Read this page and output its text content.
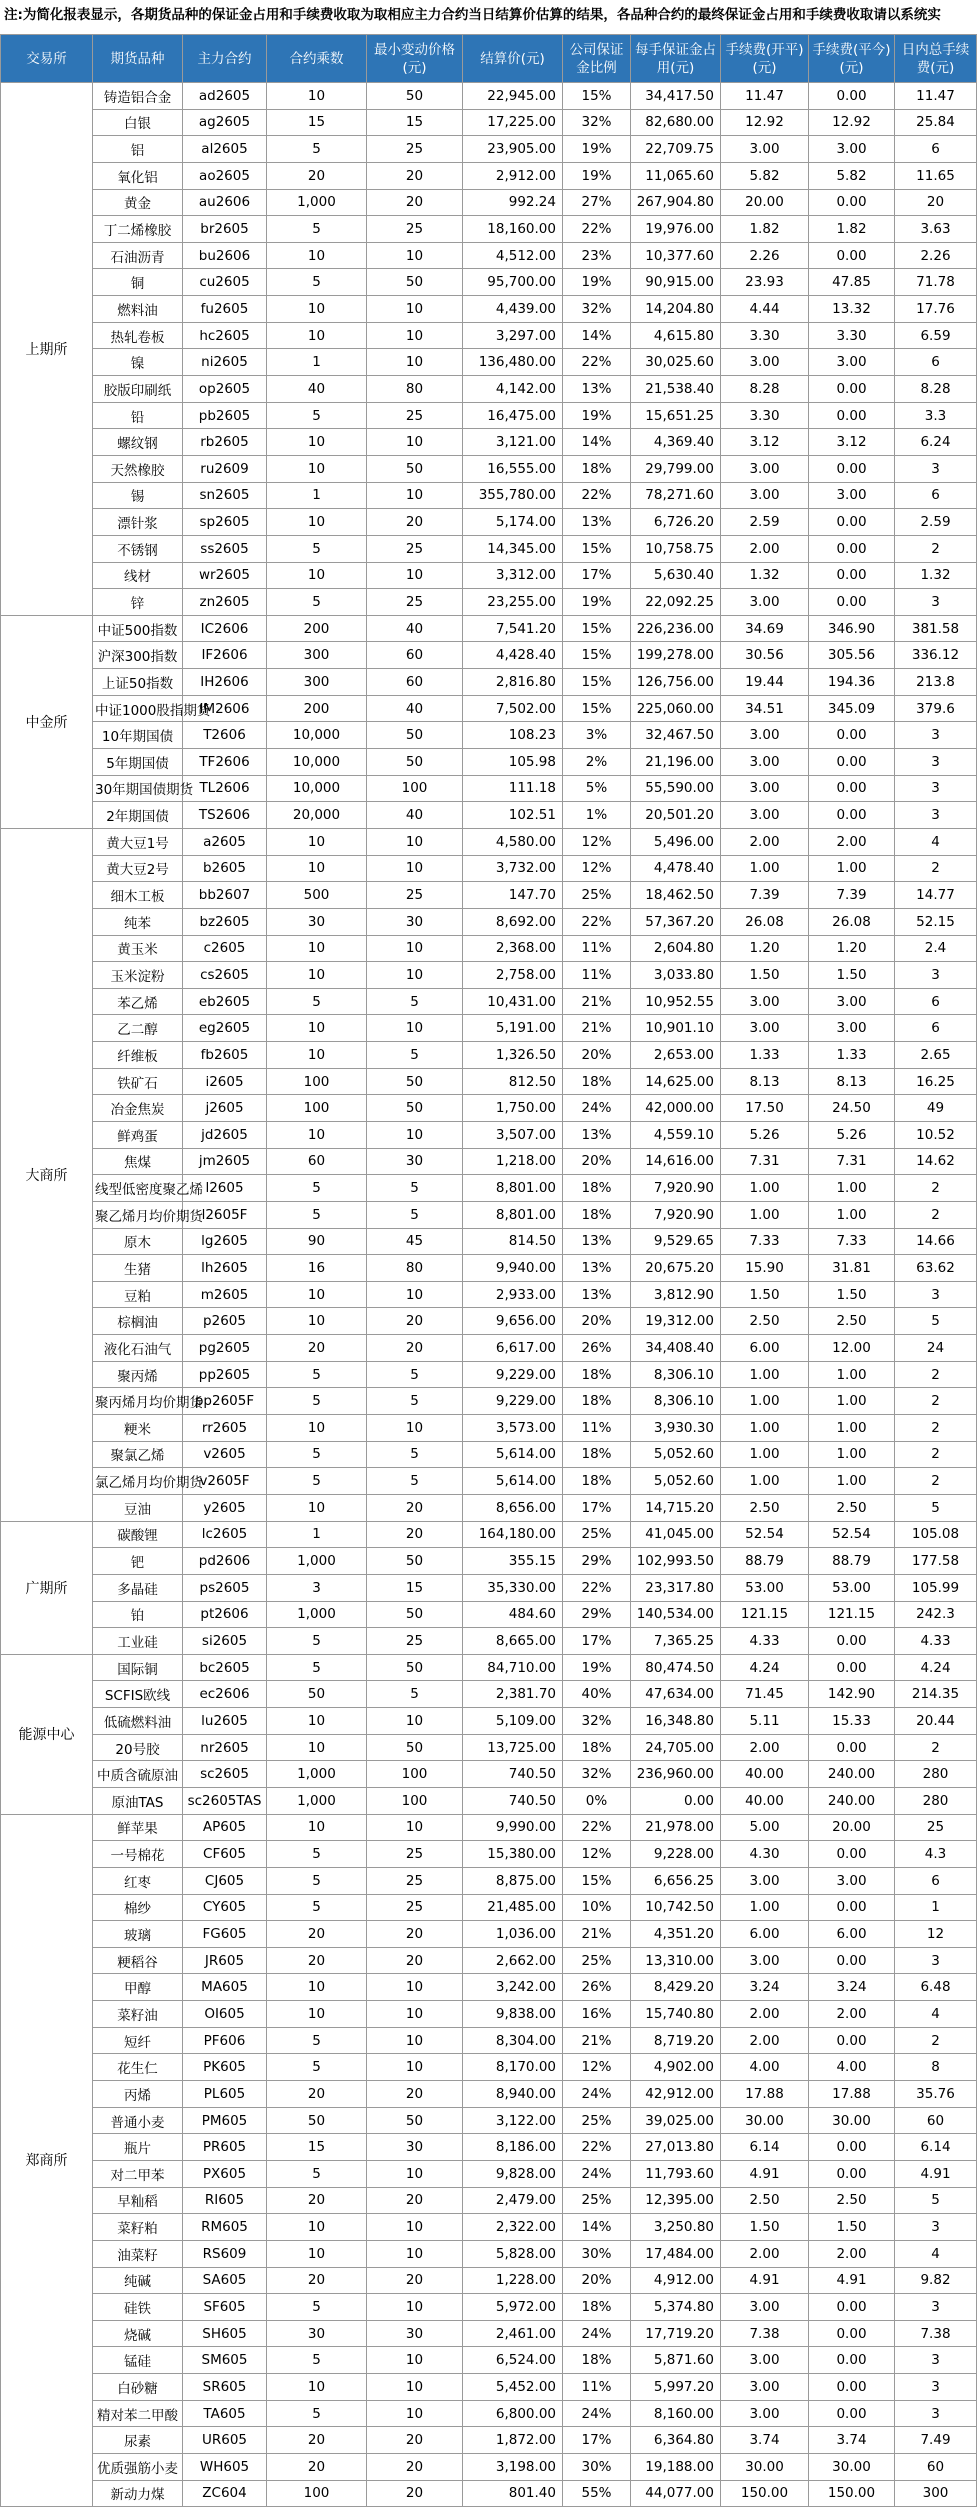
注:为简化报表显示，各期货品种的保证金占用和手续费收取为取相应主力合约当日结算价估算的结果，各品种合约的最终保证金占用和手续费收取请以系统实
交易所	期货品种	主力合约	合约乘数	最小变动价格(元)	结算价(元)	公司保证金比例	每手保证金占用(元)	手续费(开平)(元)	手续费(平今)(元)	日内总手续费(元)
上期所	铸造铝合金	ad2605	10	50	22,945.00	15%	34,417.50	11.47	0.00	11.47
	白银	ag2605	15	15	17,225.00	32%	82,680.00	12.92	12.92	25.84
	铝	al2605	5	25	23,905.00	19%	22,709.75	3.00	3.00	6
	氧化铝	ao2605	20	20	2,912.00	19%	11,065.60	5.82	5.82	11.65
	黄金	au2606	1,000	20	992.24	27%	267,904.80	20.00	0.00	20
	丁二烯橡胶	br2605	5	25	18,160.00	22%	19,976.00	1.82	1.82	3.63
	石油沥青	bu2606	10	10	4,512.00	23%	10,377.60	2.26	0.00	2.26
	铜	cu2605	5	50	95,700.00	19%	90,915.00	23.93	47.85	71.78
	燃料油	fu2605	10	10	4,439.00	32%	14,204.80	4.44	13.32	17.76
	热轧卷板	hc2605	10	10	3,297.00	14%	4,615.80	3.30	3.30	6.59
	镍	ni2605	1	10	136,480.00	22%	30,025.60	3.00	3.00	6
	胶版印刷纸	op2605	40	80	4,142.00	13%	21,538.40	8.28	0.00	8.28
	铅	pb2605	5	25	16,475.00	19%	15,651.25	3.30	0.00	3.3
	螺纹钢	rb2605	10	10	3,121.00	14%	4,369.40	3.12	3.12	6.24
	天然橡胶	ru2609	10	50	16,555.00	18%	29,799.00	3.00	0.00	3
	锡	sn2605	1	10	355,780.00	22%	78,271.60	3.00	3.00	6
	漂针浆	sp2605	10	20	5,174.00	13%	6,726.20	2.59	0.00	2.59
	不锈钢	ss2605	5	25	14,345.00	15%	10,758.75	2.00	0.00	2
	线材	wr2605	10	10	3,312.00	17%	5,630.40	1.32	0.00	1.32
	锌	zn2605	5	25	23,255.00	19%	22,092.25	3.00	0.00	3
中金所	中证500指数	IC2606	200	40	7,541.20	15%	226,236.00	34.69	346.90	381.58
	沪深300指数	IF2606	300	60	4,428.40	15%	199,278.00	30.56	305.56	336.12
	上证50指数	IH2606	300	60	2,816.80	15%	126,756.00	19.44	194.36	213.8
	中证1000股指期货	IM2606	200	40	7,502.00	15%	225,060.00	34.51	345.09	379.6
	10年期国债	T2606	10,000	50	108.23	3%	32,467.50	3.00	0.00	3
	5年期国债	TF2606	10,000	50	105.98	2%	21,196.00	3.00	0.00	3
	30年期国债期货	TL2606	10,000	100	111.18	5%	55,590.00	3.00	0.00	3
	2年期国债	TS2606	20,000	40	102.51	1%	20,501.20	3.00	0.00	3
大商所	黄大豆1号	a2605	10	10	4,580.00	12%	5,496.00	2.00	2.00	4
	黄大豆2号	b2605	10	10	3,732.00	12%	4,478.40	1.00	1.00	2
	细木工板	bb2607	500	25	147.70	25%	18,462.50	7.39	7.39	14.77
	纯苯	bz2605	30	30	8,692.00	22%	57,367.20	26.08	26.08	52.15
	黄玉米	c2605	10	10	2,368.00	11%	2,604.80	1.20	1.20	2.4
	玉米淀粉	cs2605	10	10	2,758.00	11%	3,033.80	1.50	1.50	3
	苯乙烯	eb2605	5	5	10,431.00	21%	10,952.55	3.00	3.00	6
	乙二醇	eg2605	10	10	5,191.00	21%	10,901.10	3.00	3.00	6
	纤维板	fb2605	10	5	1,326.50	20%	2,653.00	1.33	1.33	2.65
	铁矿石	i2605	100	50	812.50	18%	14,625.00	8.13	8.13	16.25
	冶金焦炭	j2605	100	50	1,750.00	24%	42,000.00	17.50	24.50	49
	鲜鸡蛋	jd2605	10	10	3,507.00	13%	4,559.10	5.26	5.26	10.52
	焦煤	jm2605	60	30	1,218.00	20%	14,616.00	7.31	7.31	14.62
	线型低密度聚乙烯	l2605	5	5	8,801.00	18%	7,920.90	1.00	1.00	2
	聚乙烯月均价期货	l2605F	5	5	8,801.00	18%	7,920.90	1.00	1.00	2
	原木	lg2605	90	45	814.50	13%	9,529.65	7.33	7.33	14.66
	生猪	lh2605	16	80	9,940.00	13%	20,675.20	15.90	31.81	63.62
	豆粕	m2605	10	10	2,933.00	13%	3,812.90	1.50	1.50	3
	棕榈油	p2605	10	20	9,656.00	20%	19,312.00	2.50	2.50	5
	液化石油气	pg2605	20	20	6,617.00	26%	34,408.40	6.00	12.00	24
	聚丙烯	pp2605	5	5	9,229.00	18%	8,306.10	1.00	1.00	2
	聚丙烯月均价期货	pp2605F	5	5	9,229.00	18%	8,306.10	1.00	1.00	2
	粳米	rr2605	10	10	3,573.00	11%	3,930.30	1.00	1.00	2
	聚氯乙烯	v2605	5	5	5,614.00	18%	5,052.60	1.00	1.00	2
	氯乙烯月均价期货	v2605F	5	5	5,614.00	18%	5,052.60	1.00	1.00	2
	豆油	y2605	10	20	8,656.00	17%	14,715.20	2.50	2.50	5
广期所	碳酸锂	lc2605	1	20	164,180.00	25%	41,045.00	52.54	52.54	105.08
	钯	pd2606	1,000	50	355.15	29%	102,993.50	88.79	88.79	177.58
	多晶硅	ps2605	3	15	35,330.00	22%	23,317.80	53.00	53.00	105.99
	铂	pt2606	1,000	50	484.60	29%	140,534.00	121.15	121.15	242.3
	工业硅	si2605	5	25	8,665.00	17%	7,365.25	4.33	0.00	4.33
能源中心	国际铜	bc2605	5	50	84,710.00	19%	80,474.50	4.24	0.00	4.24
	SCFIS欧线	ec2606	50	5	2,381.70	40%	47,634.00	71.45	142.90	214.35
	低硫燃料油	lu2605	10	10	5,109.00	32%	16,348.80	5.11	15.33	20.44
	20号胶	nr2605	10	50	13,725.00	18%	24,705.00	2.00	0.00	2
	中质含硫原油	sc2605	1,000	100	740.50	32%	236,960.00	40.00	240.00	280
	原油TAS	sc2605TAS	1,000	100	740.50	0%	0.00	40.00	240.00	280
郑商所	鲜苹果	AP605	10	10	9,990.00	22%	21,978.00	5.00	20.00	25
	一号棉花	CF605	5	25	15,380.00	12%	9,228.00	4.30	0.00	4.3
	红枣	CJ605	5	25	8,875.00	15%	6,656.25	3.00	3.00	6
	棉纱	CY605	5	25	21,485.00	10%	10,742.50	1.00	0.00	1
	玻璃	FG605	20	20	1,036.00	21%	4,351.20	6.00	6.00	12
	粳稻谷	JR605	20	20	2,662.00	25%	13,310.00	3.00	0.00	3
	甲醇	MA605	10	10	3,242.00	26%	8,429.20	3.24	3.24	6.48
	菜籽油	OI605	10	10	9,838.00	16%	15,740.80	2.00	2.00	4
	短纤	PF606	5	10	8,304.00	21%	8,719.20	2.00	0.00	2
	花生仁	PK605	5	10	8,170.00	12%	4,902.00	4.00	4.00	8
	丙烯	PL605	20	20	8,940.00	24%	42,912.00	17.88	17.88	35.76
	普通小麦	PM605	50	50	3,122.00	25%	39,025.00	30.00	30.00	60
	瓶片	PR605	15	30	8,186.00	22%	27,013.80	6.14	0.00	6.14
	对二甲苯	PX605	5	10	9,828.00	24%	11,793.60	4.91	0.00	4.91
	早籼稻	RI605	20	20	2,479.00	25%	12,395.00	2.50	2.50	5
	菜籽粕	RM605	10	10	2,322.00	14%	3,250.80	1.50	1.50	3
	油菜籽	RS609	10	10	5,828.00	30%	17,484.00	2.00	2.00	4
	纯碱	SA605	20	20	1,228.00	20%	4,912.00	4.91	4.91	9.82
	硅铁	SF605	5	10	5,972.00	18%	5,374.80	3.00	0.00	3
	烧碱	SH605	30	30	2,461.00	24%	17,719.20	7.38	0.00	7.38
	锰硅	SM605	5	10	6,524.00	18%	5,871.60	3.00	0.00	3
	白砂糖	SR605	10	10	5,452.00	11%	5,997.20	3.00	0.00	3
	精对苯二甲酸	TA605	5	10	6,800.00	24%	8,160.00	3.00	0.00	3
	尿素	UR605	20	20	1,872.00	17%	6,364.80	3.74	3.74	7.49
	优质强筋小麦	WH605	20	20	3,198.00	30%	19,188.00	30.00	30.00	60
	新动力煤	ZC604	100	20	801.40	55%	44,077.00	150.00	150.00	300
